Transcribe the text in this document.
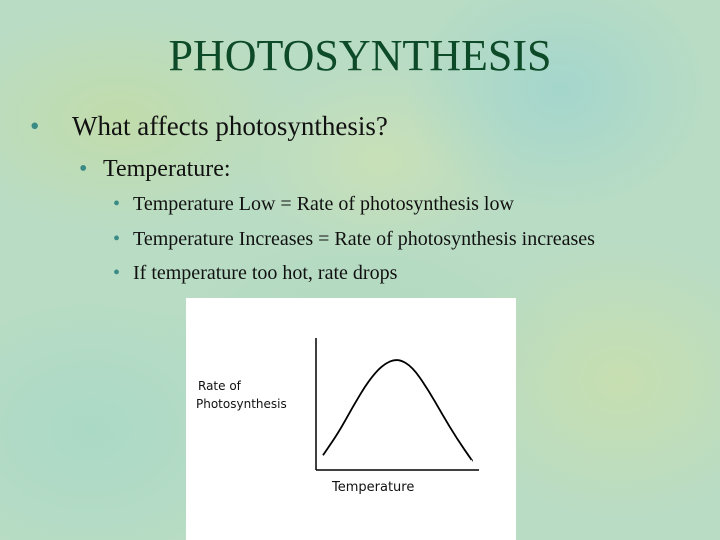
PHOTOSYNTHESIS
• What affects photosynthesis?
• Temperature:
• Temperature Low = Rate of photosynthesis low
• Temperature Increases = Rate of photosynthesis increases
• If temperature too hot, rate drops
Rate of
Photosynthesis
Temperature
